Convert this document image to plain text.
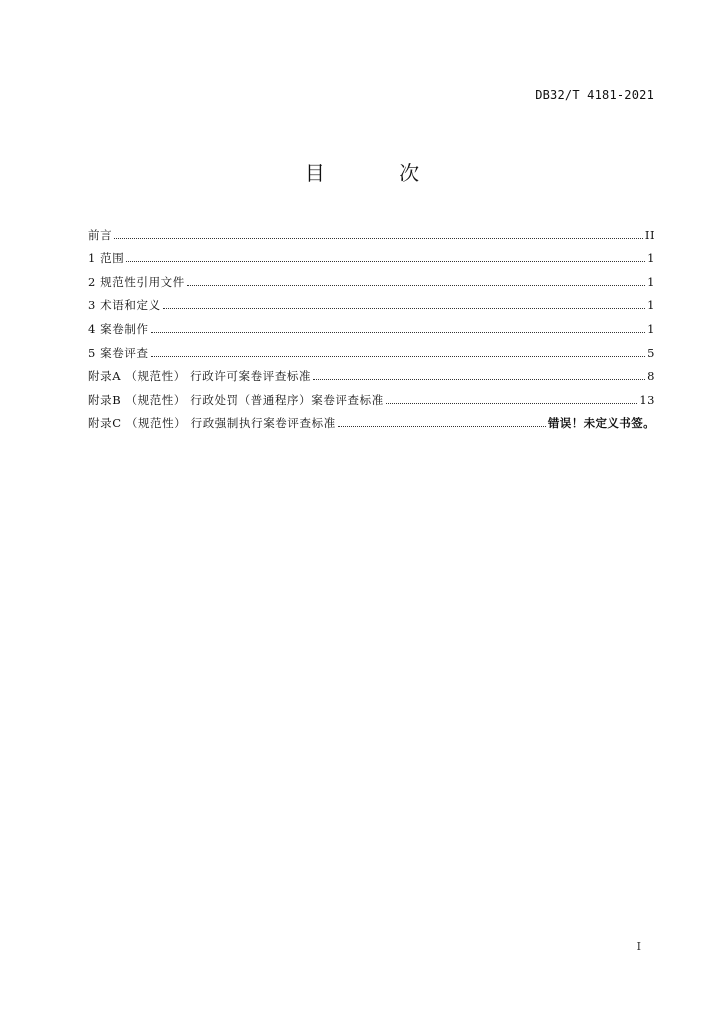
DB32/T 4181-2021
目 次
前言	II
1 范围	1
2 规范性引用文件	1
3 术语和定义	1
4 案卷制作	1
5 案卷评查	5
附录A （规范性） 行政许可案卷评查标准	8
附录B （规范性） 行政处罚（普通程序）案卷评查标准	13
附录C （规范性） 行政强制执行案卷评查标准	错误！未定义书签。
I
